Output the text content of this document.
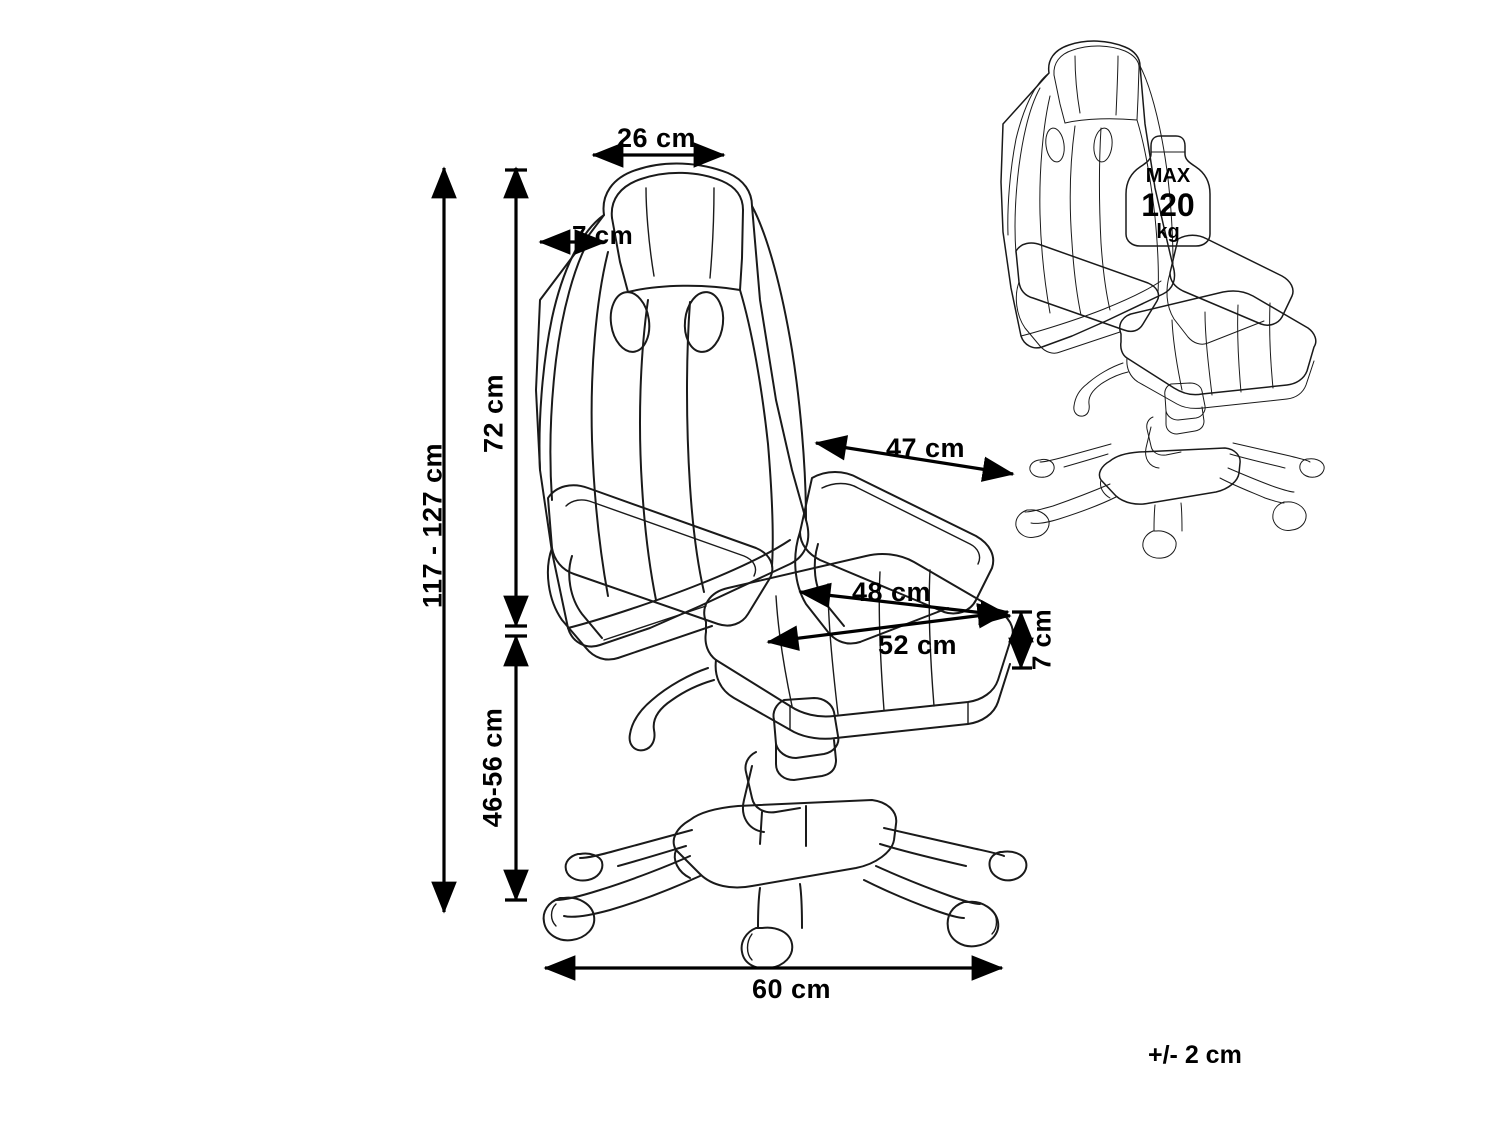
26 cm
7 cm
72 cm
117 - 127 cm
46-56 cm
47 cm
48 cm
52 cm	7 cm
60 cm
MAX
120
kg
+/- 2 cm
